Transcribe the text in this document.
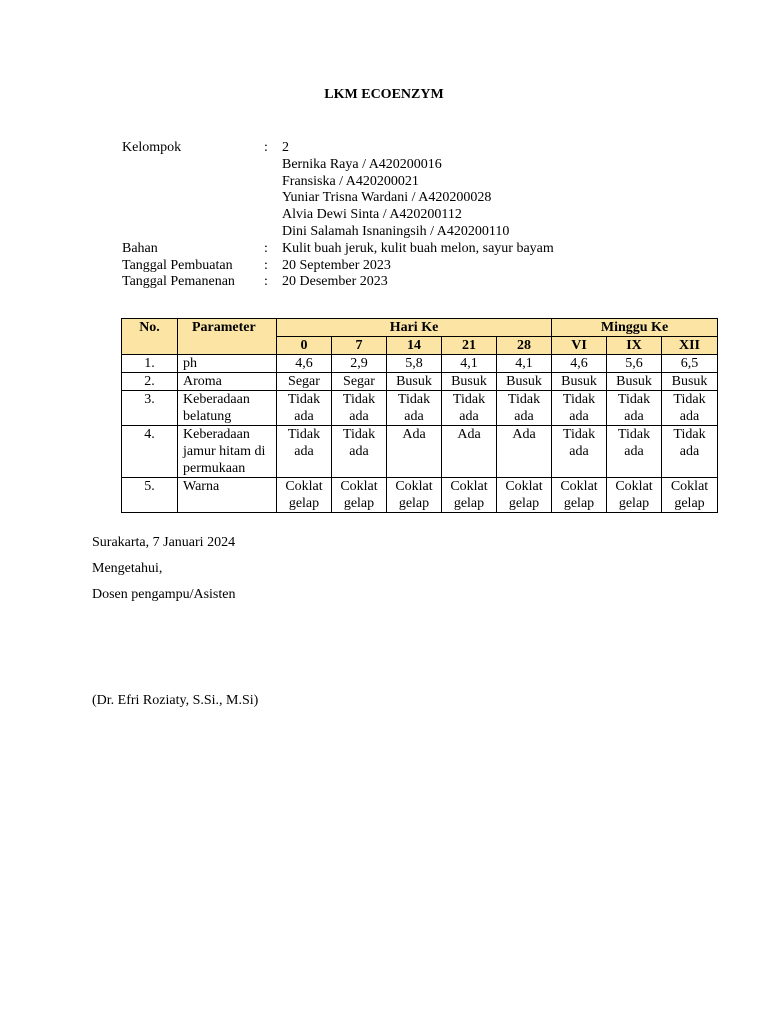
LKM ECOENZYM
Kelompok	:	2
		Bernika Raya / A420200016
		Fransiska / A420200021
		Yuniar Trisna Wardani / A420200028
		Alvia Dewi Sinta / A420200112
		Dini Salamah Isnaningsih / A420200110
Bahan	:	Kulit buah jeruk, kulit buah melon, sayur bayam
Tanggal Pembuatan	:	20 September 2023
Tanggal Pemanenan	:	20 Desember 2023
No.	Parameter	Hari Ke					Minggu Ke		
		0	7	14	21	28	VI	IX	XII
1.	ph	4,6	2,9	5,8	4,1	4,1	4,6	5,6	6,5
2.	Aroma	Segar	Segar	Busuk	Busuk	Busuk	Busuk	Busuk	Busuk
3.	Keberadaan belatung	Tidak ada	Tidak ada	Tidak ada	Tidak ada	Tidak ada	Tidak ada	Tidak ada	Tidak ada
4.	Keberadaan jamur hitam di permukaan	Tidak ada	Tidak ada	Ada	Ada	Ada	Tidak ada	Tidak ada	Tidak ada
5.	Warna	Coklat gelap	Coklat gelap	Coklat gelap	Coklat gelap	Coklat gelap	Coklat gelap	Coklat gelap	Coklat gelap
Surakarta, 7 Januari 2024
Mengetahui,
Dosen pengampu/Asisten
(Dr. Efri Roziaty, S.Si., M.Si)
